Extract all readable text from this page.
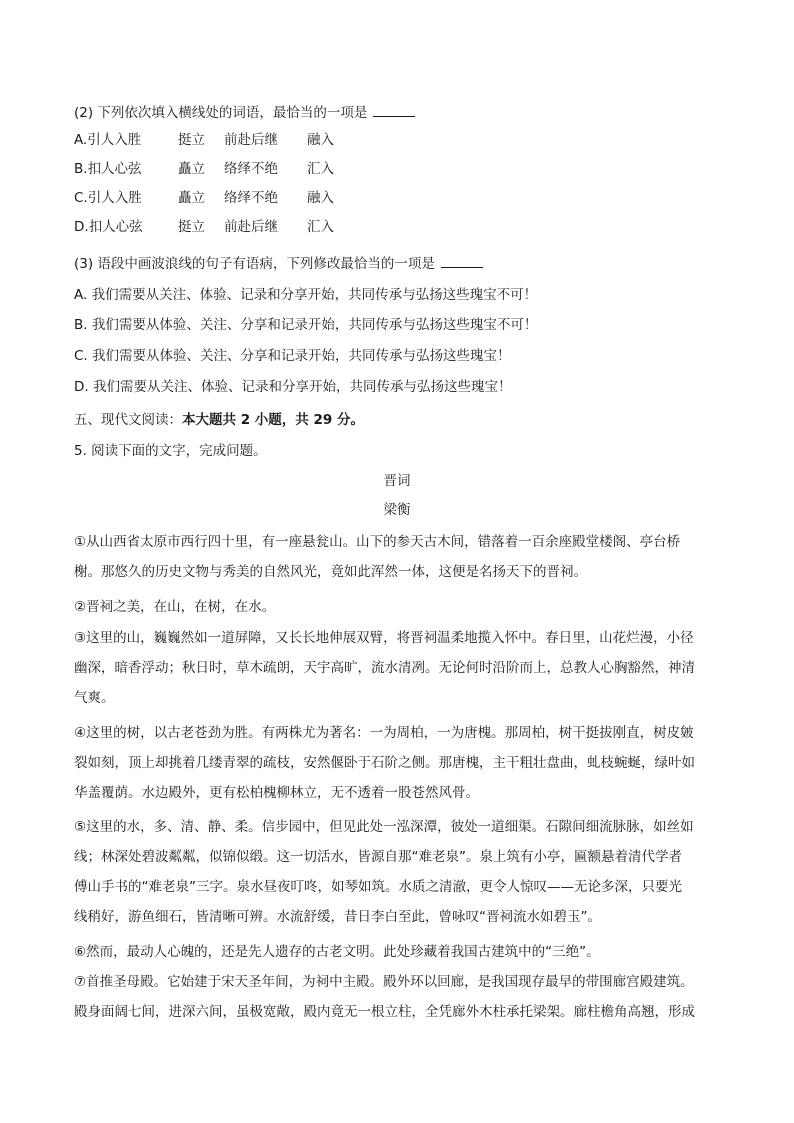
(2) 下列依次填入横线处的词语，最恰当的一项是
A.引人入胜	挺立 前赴后继 融入
B.扣人心弦	矗立 络绎不绝 汇入
C.引人入胜	矗立 络绎不绝 融入
D.扣人心弦	挺立 前赴后继 汇入
(3) 语段中画波浪线的句子有语病，下列修改最恰当的一项是
A. 我们需要从关注、体验、记录和分享开始，共同传承与弘扬这些瑰宝不可！
B. 我们需要从体验、关注、分享和记录开始，共同传承与弘扬这些瑰宝不可！
C. 我们需要从体验、关注、分享和记录开始，共同传承与弘扬这些瑰宝！
D. 我们需要从关注、体验、记录和分享开始，共同传承与弘扬这些瑰宝！
五、现代文阅读：本大题共 2 小题，共 29 分。
5. 阅读下面的文字，完成问题。
晋词
梁衡
①从山西省太原市西行四十里，有一座悬瓮山。山下的参天古木间，错落着一百余座殿堂楼阁、亭台桥
榭。那悠久的历史文物与秀美的自然风光，竟如此浑然一体，这便是名扬天下的晋祠。
②晋祠之美，在山，在树，在水。
③这里的山，巍巍然如一道屏障，又长长地伸展双臂，将晋祠温柔地揽入怀中。春日里，山花烂漫，小径
幽深，暗香浮动；秋日时，草木疏朗，天宇高旷，流水清冽。无论何时沿阶而上，总教人心胸豁然，神清
气爽。
④这里的树，以古老苍劲为胜。有两株尤为著名：一为周柏，一为唐槐。那周柏，树干挺拔刚直，树皮皴
裂如刻，顶上却挑着几缕青翠的疏枝，安然偃卧于石阶之侧。那唐槐，主干粗壮盘曲，虬枝蜿蜒，绿叶如
华盖覆荫。水边殿外，更有松柏槐柳林立，无不透着一股苍然风骨。
⑤这里的水，多、清、静、柔。信步园中，但见此处一泓深潭，彼处一道细渠。石隙间细流脉脉，如丝如
线；林深处碧波粼粼，似锦似缎。这一切活水，皆源自那“难老泉”。泉上筑有小亭，匾额悬着清代学者
傅山手书的“难老泉”三字。泉水昼夜叮咚，如琴如筑。水质之清澈，更令人惊叹——无论多深，只要光
线稍好，游鱼细石，皆清晰可辨。水流舒缓，昔日李白至此，曾咏叹“晋祠流水如碧玉”。
⑥然而，最动人心魄的，还是先人遗存的古老文明。此处珍藏着我国古建筑中的“三绝”。
⑦首推圣母殿。它始建于宋天圣年间，为祠中主殿。殿外环以回廊，是我国现存最早的带围廊宫殿建筑。
殿身面阔七间，进深六间，虽极宽敞，殿内竟无一根立柱，全凭廊外木柱承托梁架。廊柱檐角高翘，形成
